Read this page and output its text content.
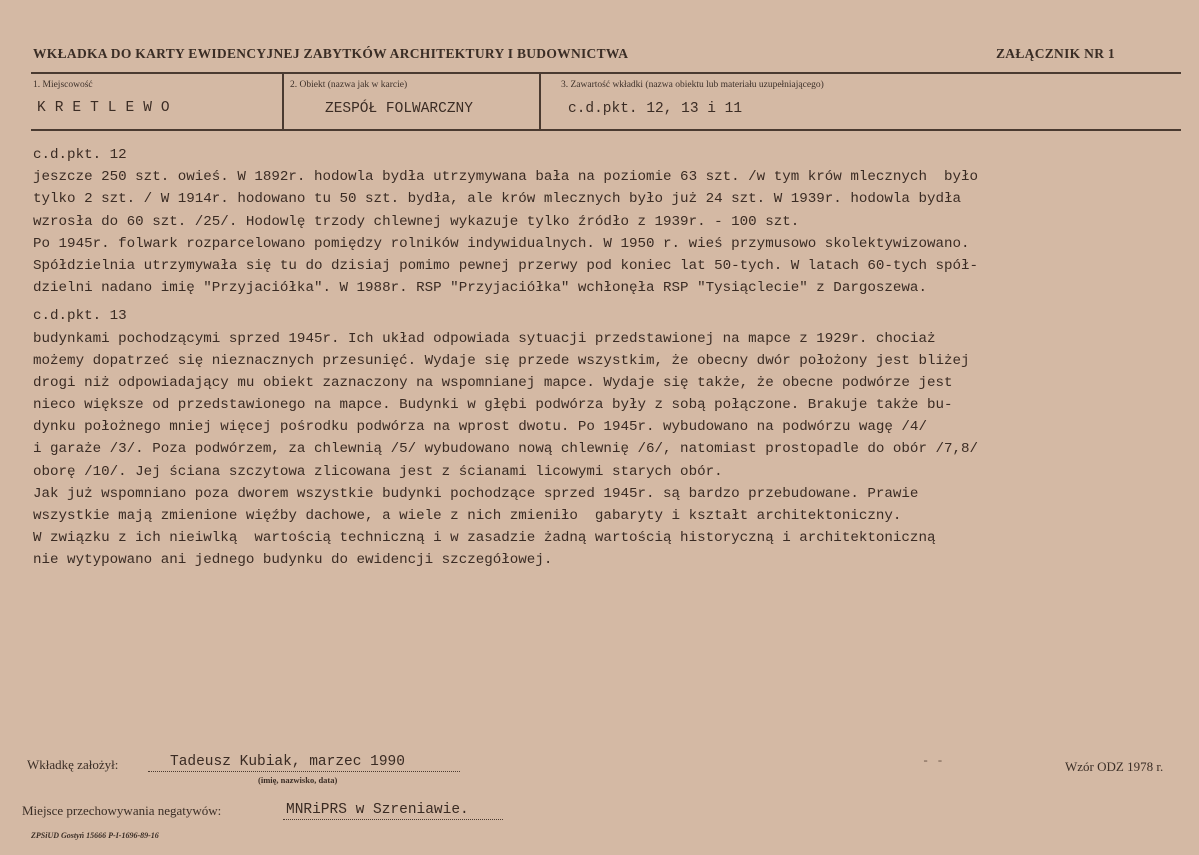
WKŁADKA DO KARTY EWIDENCYJNEJ ZABYTKÓW ARCHITEKTURY I BUDOWNICTWA	ZAŁĄCZNIK NR 1
1. Miejscowość
KRETLEWO
2. Obiekt (nazwa jak w karcie)
ZESPÓŁ FOLWARCZNY
3. Zawartość wkładki (nazwa obiektu lub materiału uzupełniającego)
c.d.pkt. 12, 13 i 11
c.d.pkt. 12
jeszcze 250 szt. owieś. W 1892r. hodowla bydła utrzymywana bała na poziomie 63 szt. /w tym krów mlecznych  było
tylko 2 szt. / W 1914r. hodowano tu 50 szt. bydła, ale krów mlecznych było już 24 szt. W 1939r. hodowla bydła
wzrosła do 60 szt. /25/. Hodowlę trzody chlewnej wykazuje tylko źródło z 1939r. - 100 szt.
Po 1945r. folwark rozparcelowano pomiędzy rolników indywidualnych. W 1950 r. wieś przymusowo skolektywizowano.
Spółdzielnia utrzymywała się tu do dzisiaj pomimo pewnej przerwy pod koniec lat 50-tych. W latach 60-tych spół-
dzielni nadano imię "Przyjaciółka". W 1988r. RSP "Przyjaciółka" wchłonęła RSP "Tysiąclecie" z Dargoszewa.
c.d.pkt. 13
budynkami pochodzącymi sprzed 1945r. Ich układ odpowiada sytuacji przedstawionej na mapce z 1929r. chociaż
możemy dopatrzeć się nieznacznych przesunięć. Wydaje się przede wszystkim, że obecny dwór położony jest bliżej
drogi niż odpowiadający mu obiekt zaznaczony na wspomnianej mapce. Wydaje się także, że obecne podwórze jest
nieco większe od przedstawionego na mapce. Budynki w głębi podwórza były z sobą połączone. Brakuje także bu-
dynku położnego mniej więcej pośrodku podwórza na wprost dwotu. Po 1945r. wybudowano na podwórzu wagę /4/
i garaże /3/. Poza podwórzem, za chlewnią /5/ wybudowano nową chlewnię /6/, natomiast prostopadle do obór /7,8/
oborę /10/. Jej ściana szczytowa zlicowana jest z ścianami licowymi starych obór.
Jak już wspomniano poza dworem wszystkie budynki pochodzące sprzed 1945r. są bardzo przebudowane. Prawie
wszystkie mają zmienione więźby dachowe, a wiele z nich zmieniło  gabaryty i kształt architektoniczny.
W związku z ich nieiwlką  wartością techniczną i w zasadzie żadną wartością historyczną i architektoniczną
nie wytypowano ani jednego budynku do ewidencji szczegółowej.
Wkładkę założył:	Tadeusz Kubiak, marzec 1990
(imię, nazwisko, data)
- -	Wzór ODZ 1978 r.
Miejsce przechowywania negatywów:	MNRiPRS w Szreniawie.
ZPSiUD Gostyń 15666 P-I-1696-89-16
